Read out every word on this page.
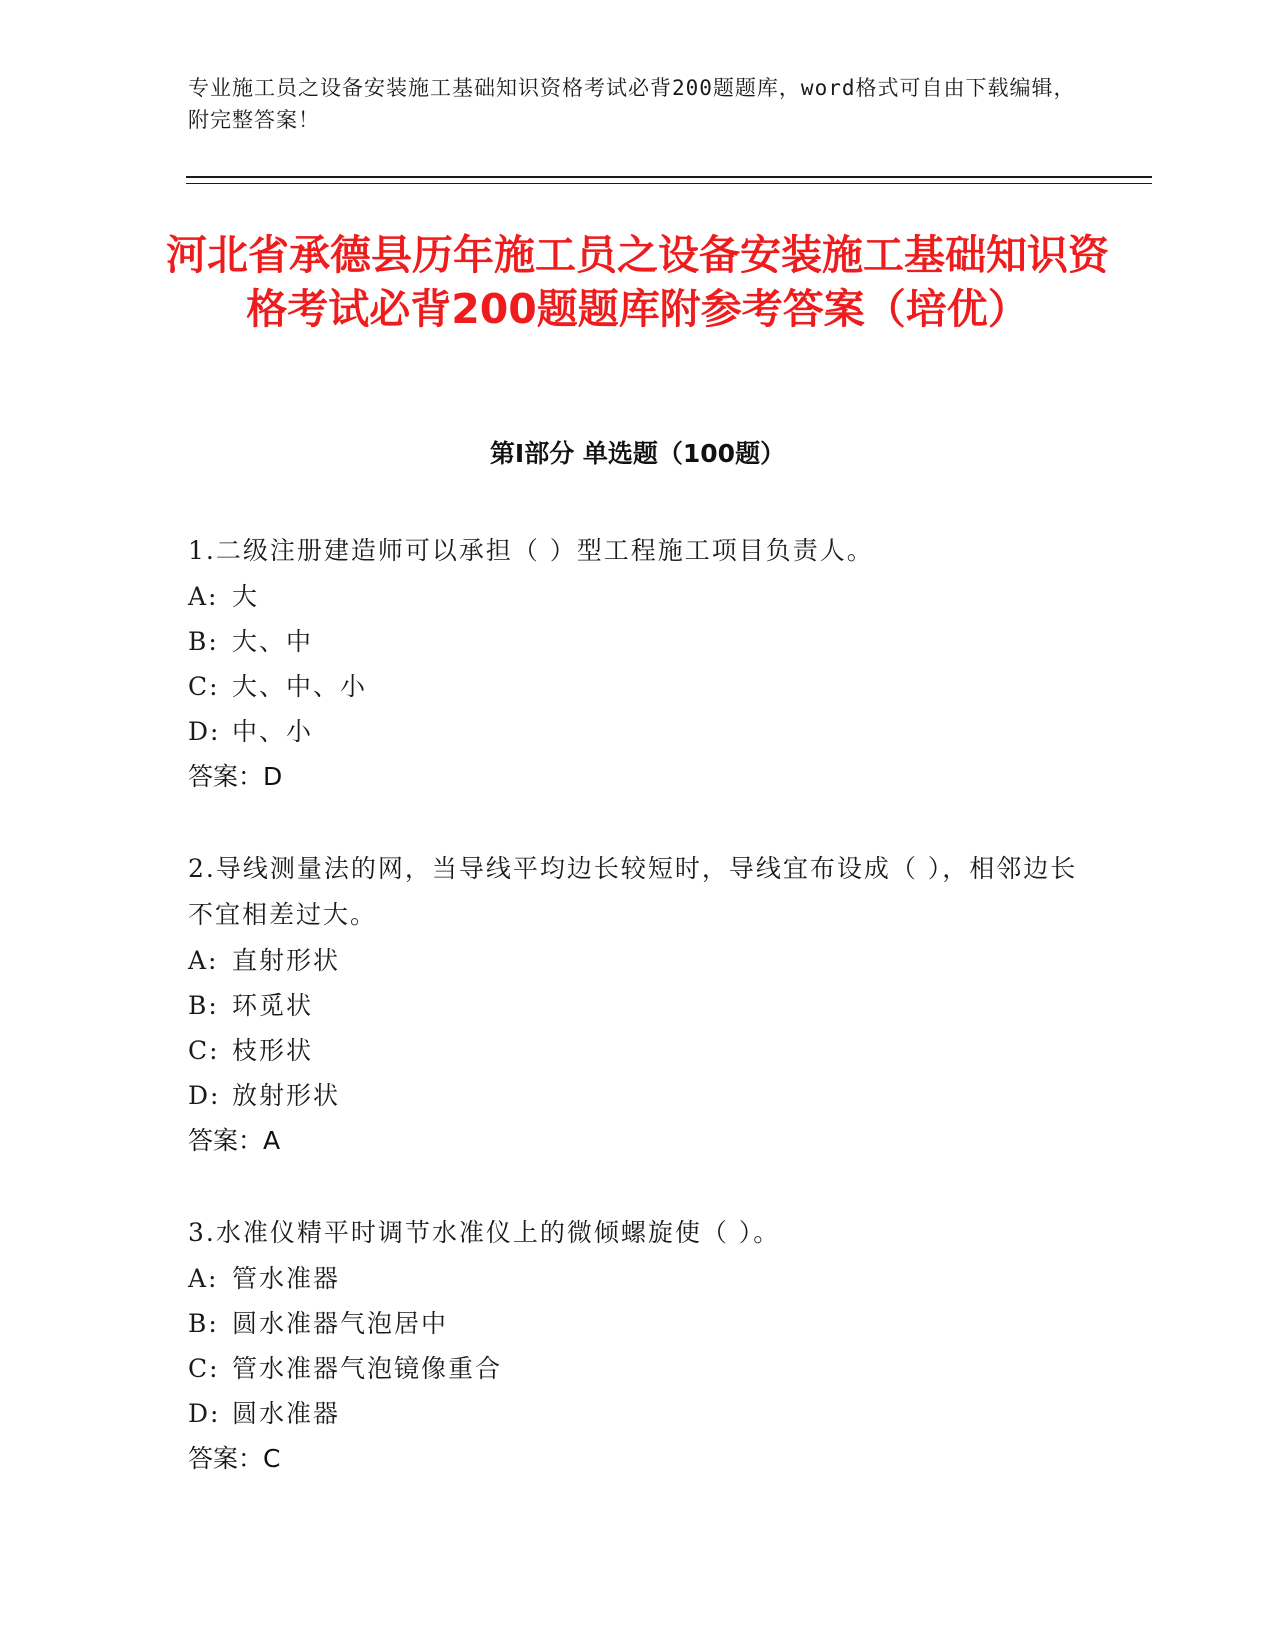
专业施工员之设备安装施工基础知识资格考试必背200题题库，word格式可自由下载编辑，附完整答案！
河北省承德县历年施工员之设备安装施工基础知识资格考试必背200题题库附参考答案（培优）
第Ⅰ部分 单选题（100题）

1.二级注册建造师可以承担（ ）型工程施工项目负责人。

A: 大
B: 大、中
C: 大、中、小
D: 中、小
答案：D

2.导线测量法的网，当导线平均边长较短时，导线宜布设成（ ），相邻边长不宜相差过大。

A: 直射形状
B: 环觅状
C: 枝形状
D: 放射形状
答案：A

3.水准仪精平时调节水准仪上的微倾螺旋使（ ）。

A: 管水准器
B: 圆水准器气泡居中
C: 管水准器气泡镜像重合
D: 圆水准器
答案：C
